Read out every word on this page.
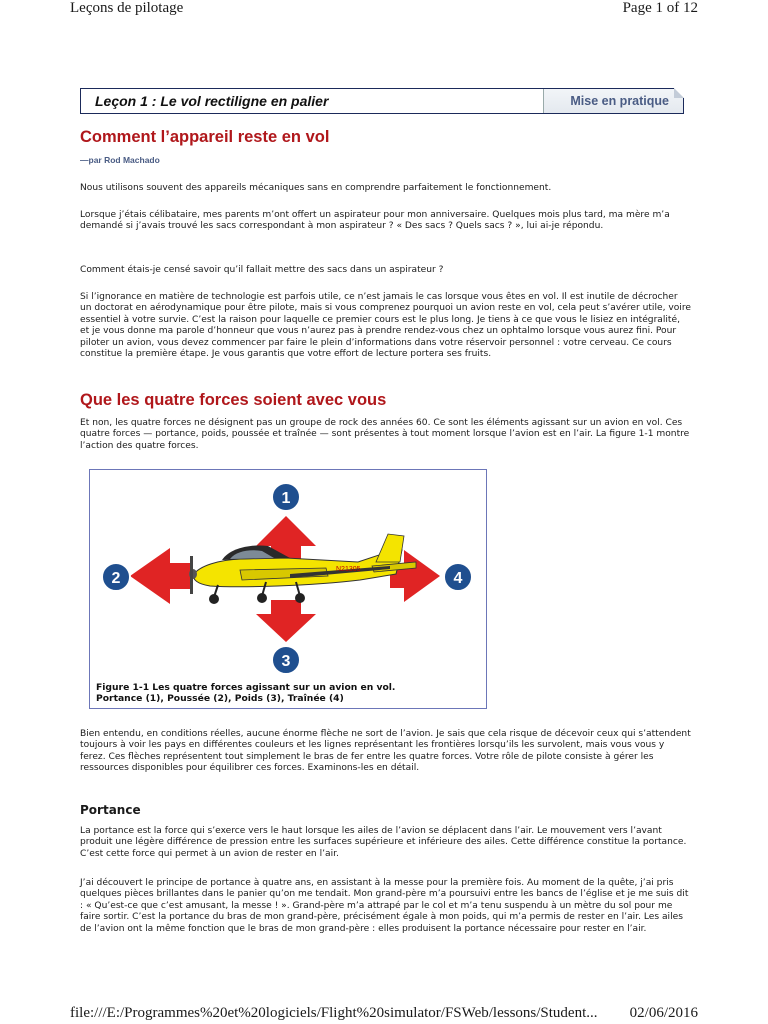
Leçons de pilotage	Page 1 of 12
Leçon 1 : Le vol rectiligne en palier	Mise en pratique
Comment l’appareil reste en vol
—par Rod Machado
Nous utilisons souvent des appareils mécaniques sans en comprendre parfaitement le fonctionnement.
Lorsque j’étais célibataire, mes parents m’ont offert un aspirateur pour mon anniversaire. Quelques mois plus tard, ma mère m’a demandé si j’avais trouvé les sacs correspondant à mon aspirateur ? « Des sacs ? Quels sacs ? », lui ai-je répondu.
Comment étais-je censé savoir qu’il fallait mettre des sacs dans un aspirateur ?
Si l’ignorance en matière de technologie est parfois utile, ce n’est jamais le cas lorsque vous êtes en vol. Il est inutile de décrocher un doctorat en aérodynamique pour être pilote, mais si vous comprenez pourquoi un avion reste en vol, cela peut s’avérer utile, voire essentiel à votre survie. C’est la raison pour laquelle ce premier cours est le plus long. Je tiens à ce que vous le lisiez en intégralité, et je vous donne ma parole d’honneur que vous n’aurez pas à prendre rendez-vous chez un ophtalmo lorsque vous aurez fini. Pour piloter un avion, vous devez commencer par faire le plein d’informations dans votre réservoir personnel : votre cerveau. Ce cours constitue la première étape. Je vous garantis que votre effort de lecture portera ses fruits.
Que les quatre forces soient avec vous
Et non, les quatre forces ne désignent pas un groupe de rock des années 60. Ce sont les éléments agissant sur un avion en vol. Ces quatre forces — portance, poids, poussée et traînée — sont présentes à tout moment lorsque l’avion est en l’air. La figure 1-1 montre l’action des quatre forces.
1
2
3
4
N21305
Figure 1-1 Les quatre forces agissant sur un avion en vol.
Portance (1), Poussée (2), Poids (3), Traînée (4)
Bien entendu, en conditions réelles, aucune énorme flèche ne sort de l’avion. Je sais que cela risque de décevoir ceux qui s’attendent toujours à voir les pays en différentes couleurs et les lignes représentant les frontières lorsqu’ils les survolent, mais vous vous y ferez. Ces flèches représentent tout simplement le bras de fer entre les quatre forces. Votre rôle de pilote consiste à gérer les ressources disponibles pour équilibrer ces forces. Examinons-les en détail.
Portance
La portance est la force qui s’exerce vers le haut lorsque les ailes de l’avion se déplacent dans l’air. Le mouvement vers l’avant produit une légère différence de pression entre les surfaces supérieure et inférieure des ailes. Cette différence constitue la portance. C’est cette force qui permet à un avion de rester en l’air.
J’ai découvert le principe de portance à quatre ans, en assistant à la messe pour la première fois. Au moment de la quête, j’ai pris quelques pièces brillantes dans le panier qu’on me tendait. Mon grand-père m’a poursuivi entre les bancs de l’église et je me suis dit : « Qu’est-ce que c’est amusant, la messe ! ». Grand-père m’a attrapé par le col et m’a tenu suspendu à un mètre du sol pour me faire sortir. C’est la portance du bras de mon grand-père, précisément égale à mon poids, qui m’a permis de rester en l’air. Les ailes de l’avion ont la même fonction que le bras de mon grand-père : elles produisent la portance nécessaire pour rester en l’air.
file:///E:/Programmes%20et%20logiciels/Flight%20simulator/FSWeb/lessons/Student... 02/06/2016
